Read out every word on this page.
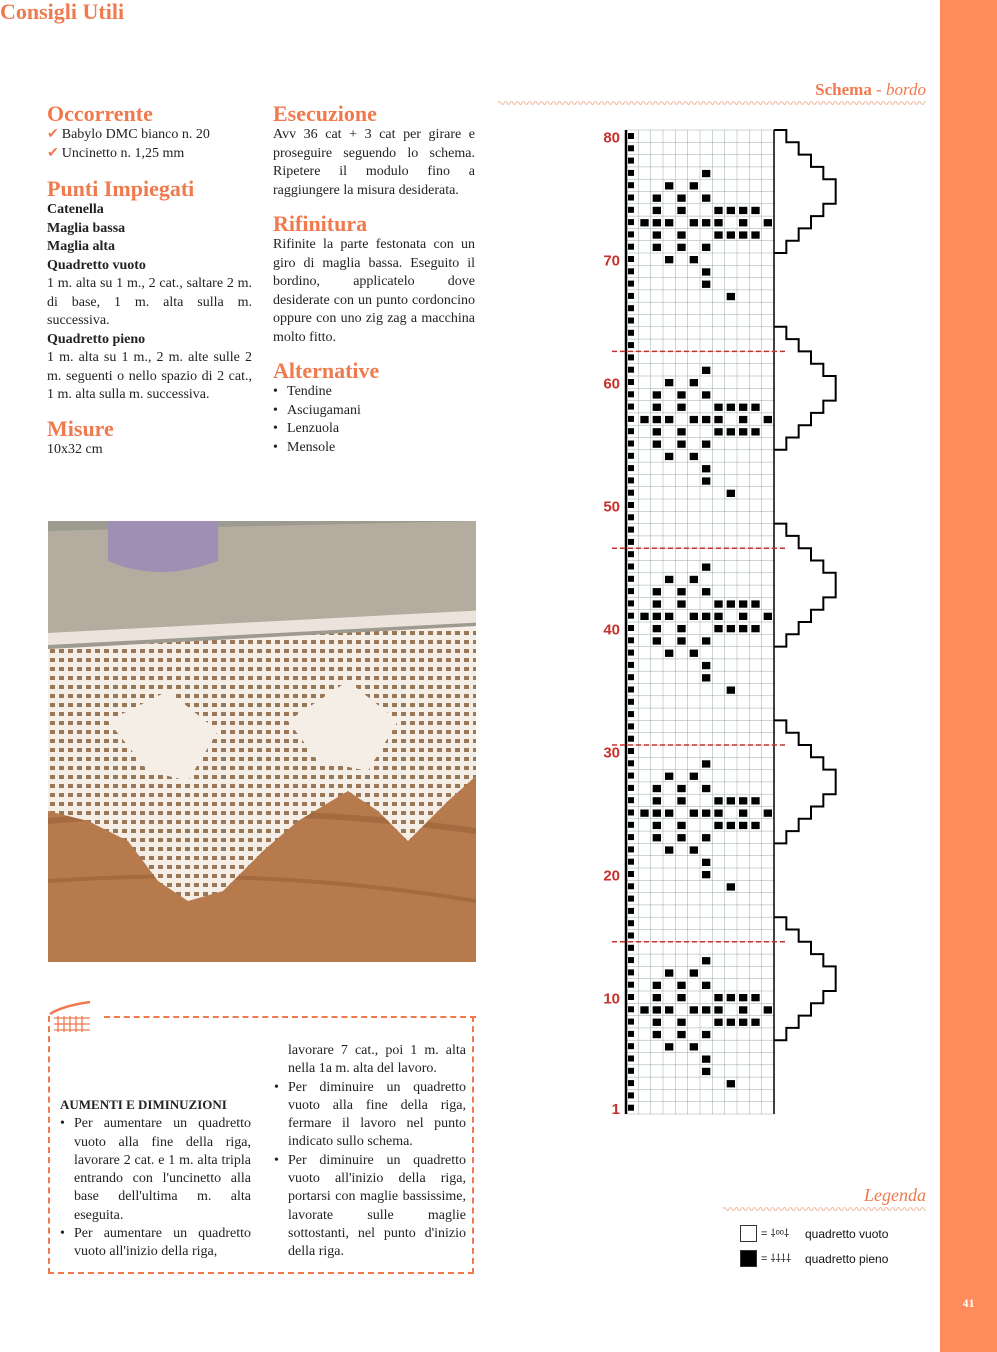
41
Occorrente

✔ Babylo DMC bianco n. 20

✔ Uncinetto n. 1,25 mm

Punti Impiegati

Catenella

Maglia bassa

Maglia alta

Quadretto vuoto

1 m. alta su 1 m., 2 cat., saltare 2 m. di base, 1 m. alta sulla m. successiva.

Quadretto pieno

1 m. alta su 1 m., 2 m. alte sulle 2 m. seguenti o nello spazio di 2 cat., 1 m. alta sulla m. successiva.

Misure

10x32 cm

Esecuzione

Avv 36 cat + 3 cat per girare e proseguire seguendo lo schema. Ripetere il modulo fino a raggiungere la misura desiderata.

Rifinitura

Rifinite la parte festonata con un giro di maglia bassa. Eseguito il bordino, applicatelo dove desiderate con un punto cordoncino oppure con uno zig zag a macchina molto fitto.

Alternative
• Tendine
• Asciugamani
• Lenzuola
• Mensole
Consigli Utili
AUMENTI E DIMINUZIONI
• Per aumentare un quadretto vuoto alla fine della riga, lavorare 2 cat. e 1 m. alta tripla entrando con l'uncinetto alla base dell'ultima m. alta eseguita.
• Per aumentare un quadretto vuoto all'inizio della riga,

lavorare 7 cat., poi 1 m. alta nella 1a m. alta del lavoro.

• Per diminuire un quadretto vuoto alla fine della riga, fermare il lavoro nel punto indicato sullo schema.
• Per diminuire un quadretto vuoto all'inizio della riga, portarsi con maglie bassissime, lavorate sulle maglie sottostanti, nel punto d'inizio della riga.
Schema - bordo
80
70
60
50
40
30
20
10
1
Legenda
= ⸸ᵒᵒ⸸ quadretto vuoto
= ⸸⸸⸸⸸ quadretto pieno
